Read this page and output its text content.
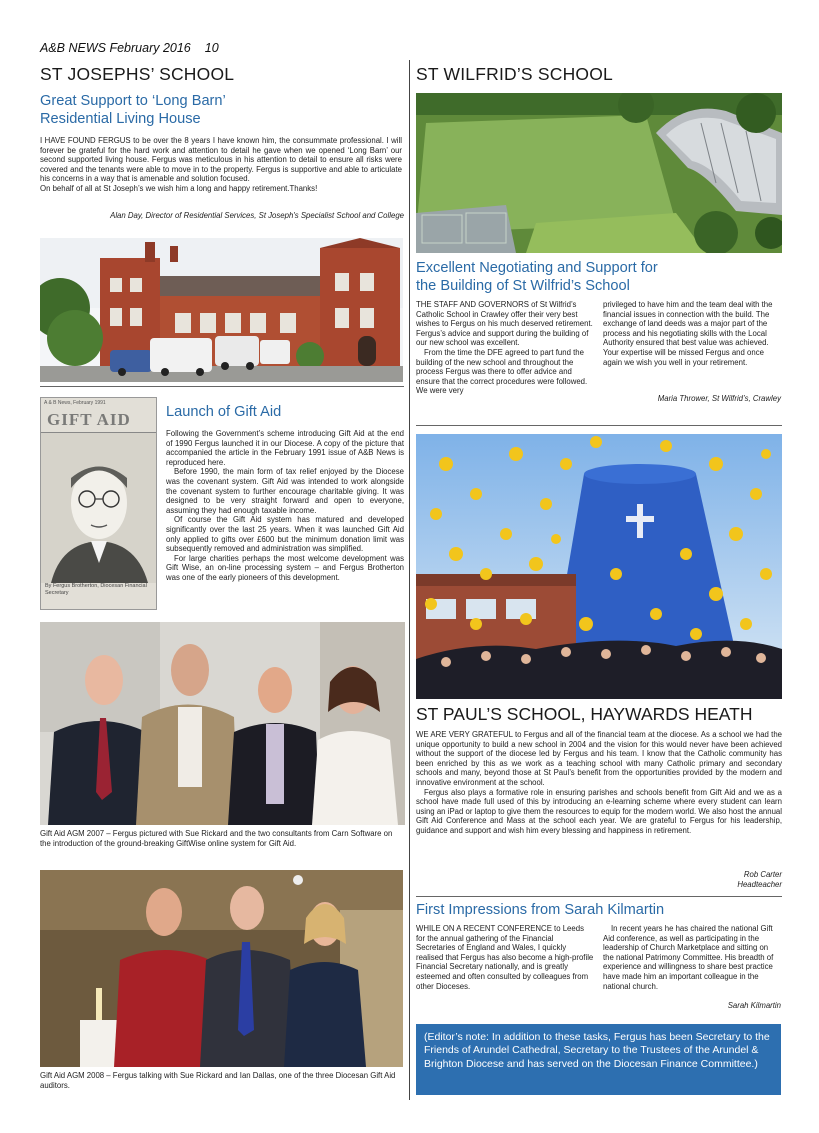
A&B NEWS February 2016 10
ST JOSEPHS’ SCHOOL
Great Support to ‘Long Barn’
Residential Living House

I HAVE FOUND FERGUS to be over the 8 years I have known him, the consummate professional. I will forever be grateful for the hard work and attention to detail he gave when we opened ‘Long Barn’ our second supported living house. Fergus was meticulous in his attention to detail to ensure all risks were covered and the tenants were able to move in to the property. Fergus is supportive and able to articulate his concerns in a way that is amenable and solution focused.

On behalf of all at St Joseph’s we wish him a long and happy retirement.Thanks!

Alan Day, Director of Residential Services, St Joseph's Specialist School and College
A & B News, February 1991
GIFT AID
By Fergus Brotherton, Diocesan Financial Secretary
Launch of Gift Aid

Following the Government’s scheme introducing Gift Aid at the end of 1990 Fergus launched it in our Diocese. A copy of the picture that accompanied the article in the February 1991 issue of A&B News is reproduced here.

Before 1990, the main form of tax relief enjoyed by the Diocese was the covenant system. Gift Aid was intended to work alongside the covenant system to further encourage charitable giving. It was designed to be very straight forward and open to everyone, assuming they had enough taxable income.

Of course the Gift Aid system has matured and developed significantly over the last 25 years. When it was launched Gift Aid only applied to gifts over £600 but the minimum donation limit was subsequently removed and administration was simplified.

For large charities perhaps the most welcome development was Gift Wise, an on-line processing system – and Fergus Brotherton was one of the early pioneers of this development.

Gift Aid AGM 2007 – Fergus pictured with Sue Rickard and the two consultants from Carn Software on the introduction of the ground-breaking GiftWise online system for Gift Aid.
Gift Aid AGM 2008 – Fergus talking with Sue Rickard and Ian Dallas, one of the three Diocesan Gift Aid auditors.
ST WILFRID’S SCHOOL
Excellent Negotiating and Support for
the Building of St Wilfrid’s School

THE STAFF AND GOVERNORS of St Wilfrid’s Catholic School in Crawley offer their very best wishes to Fergus on his much deserved retirement. Fergus’s advice and support during the building of our new school was excellent.

From the time the DFE agreed to part fund the building of the new school and throughout the process Fergus was there to offer advice and ensure that the correct procedures were followed. We were very

privileged to have him and the team deal with the financial issues in connection with the build. The exchange of land deeds was a major part of the process and his negotiating skills with the Local Authority ensured that best value was achieved. Your expertise will be missed Fergus and once again we wish you well in your retirement.

Maria Thrower, St Wilfrid’s, Crawley
ST PAUL’S SCHOOL, HAYWARDS HEATH

WE ARE VERY GRATEFUL to Fergus and all of the financial team at the diocese. As a school we had the unique opportunity to build a new school in 2004 and the vision for this would never have been achieved without the support of the diocese led by Fergus and his team. I know that the Catholic community has been enriched by this as we work as a teaching school with many Catholic primary and secondary schools and many, beyond those at St Paul’s benefit from the opportunities provided by the modern and innovative environment at the school.

Fergus also plays a formative role in ensuring parishes and schools benefit from Gift Aid and we as a school have made full used of this by introducing an e-learning scheme where every student can learn using an iPad or laptop to give them the resources to equip for the modern world. We also host the annual Gift Aid Conference and Mass at the school each year. We are grateful to Fergus for his leadership, guidance and support and wish him every blessing and happiness in retirement.

Rob Carter
Headteacher
First Impressions from Sarah Kilmartin
WHILE ON A RECENT CONFERENCE to Leeds for the annual gathering of the Financial Secretaries of England and Wales, I quickly realised that Fergus has also become a high-profile Financial Secretary nationally, and is greatly esteemed and often consulted by colleagues from other Dioceses.
In recent years he has chaired the national Gift Aid conference, as well as participating in the leadership of Church Marketplace and sitting on the national Patrimony Committee. His breadth of experience and willingness to share best practice have made him an important colleague in the national church.
Sarah Kilmartin
(Editor’s note: In addition to these tasks, Fergus has been Secretary to the Friends of Arundel Cathedral, Secretary to the Trustees of the Arundel & Brighton Diocese and has served on the Diocesan Finance Committee.)
